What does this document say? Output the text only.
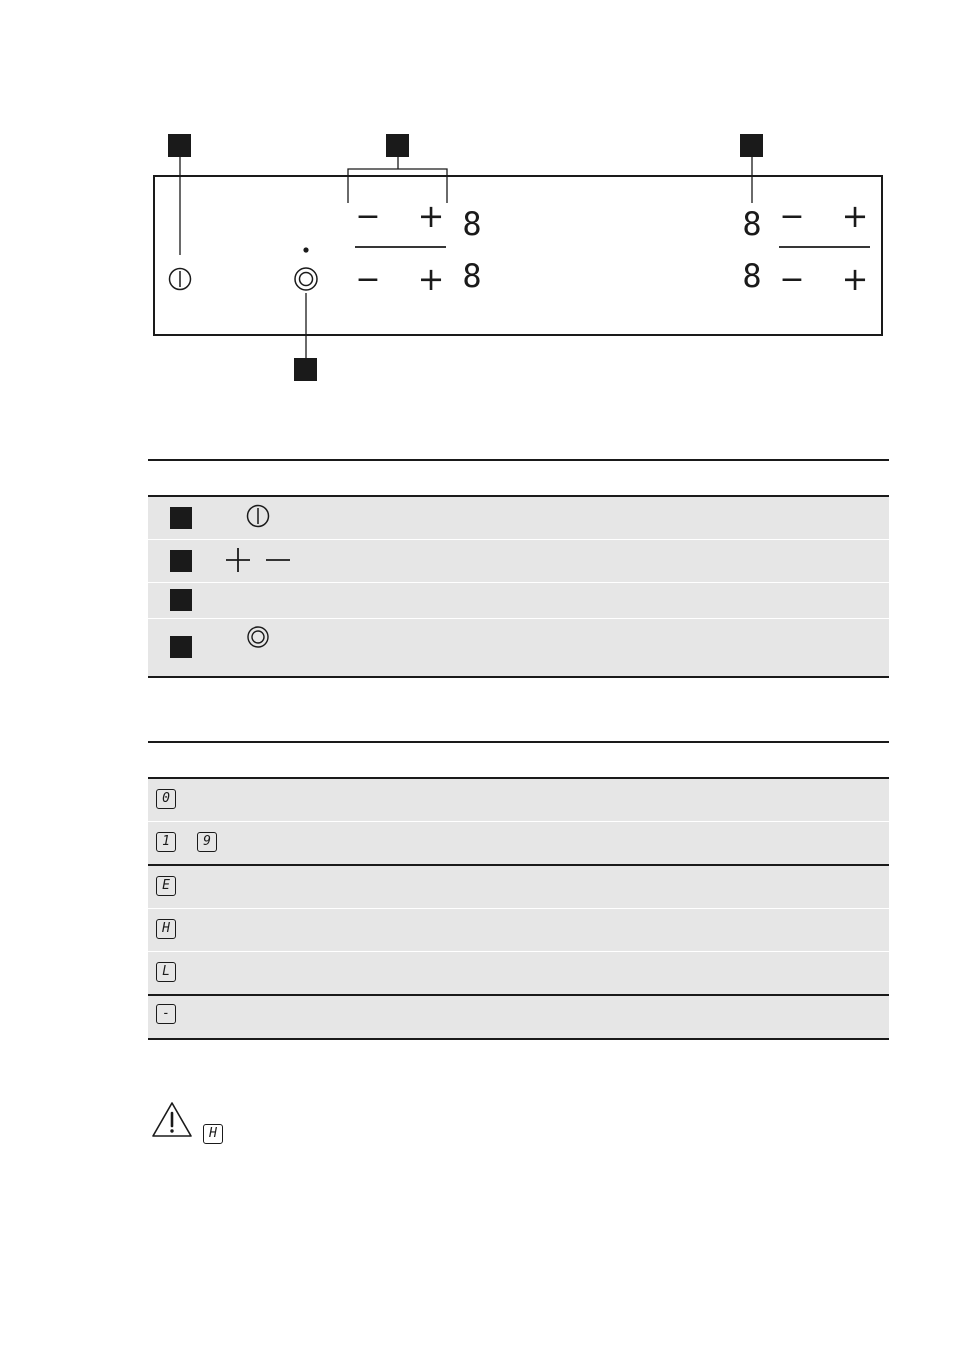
− + 8
− + 8
8 − +
8 − +
0
1	9
E
H
L
-
H
